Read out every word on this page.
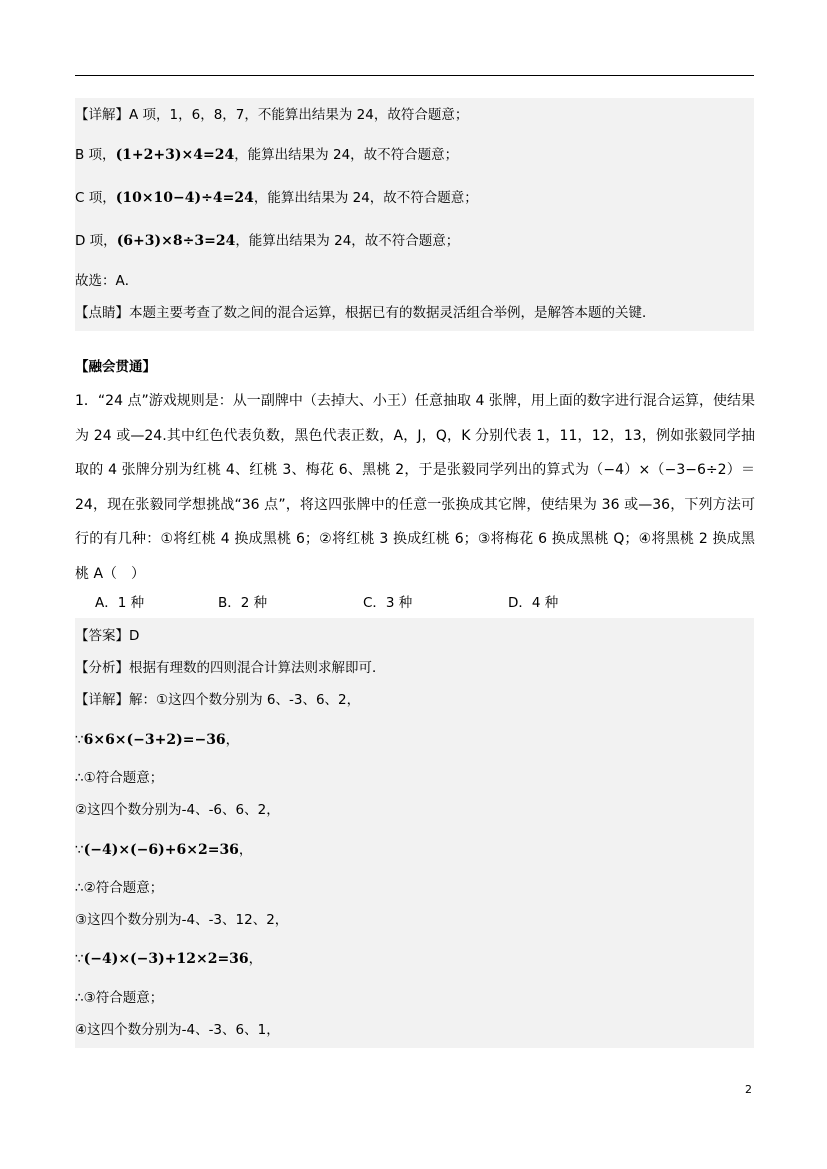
【详解】A 项，1，6，8，7，不能算出结果为 24，故符合题意；
B 项，(1+2+3)×4=24，能算出结果为 24，故不符合题意；
C 项，(10×10−4)÷4=24，能算出结果为 24，故不符合题意；
D 项，(6+3)×8÷3=24，能算出结果为 24，故不符合题意；
故选：A．
【点睛】本题主要考查了数之间的混合运算，根据已有的数据灵活组合举例，是解答本题的关键．
【融会贯通】
1．“24 点”游戏规则是：从一副牌中（去掉大、小王）任意抽取 4 张牌，用上面的数字进行混合运算，使结果为 24 或—24.其中红色代表负数，黑色代表正数，A，J，Q，K 分别代表 1，11，12，13，例如张毅同学抽取的 4 张牌分别为红桃 4、红桃 3、梅花 6、黑桃 2，于是张毅同学列出的算式为（−4）×（−3−6÷2）＝24，现在张毅同学想挑战“36 点”，将这四张牌中的任意一张换成其它牌，使结果为 36 或—36，下列方法可行的有几种：①将红桃 4 换成黑桃 6；②将红桃 3 换成红桃 6；③将梅花 6 换成黑桃 Q；④将黑桃 2 换成黑桃 A（　）
A．1 种	B．2 种	C．3 种	D．4 种
【答案】D
【分析】根据有理数的四则混合计算法则求解即可．
【详解】解：①这四个数分别为 6、-3、6、2，
∵6×6×(−3+2)=−36，
∴①符合题意；
②这四个数分别为-4、-6、6、2，
∵(−4)×(−6)+6×2=36，
∴②符合题意；
③这四个数分别为-4、-3、12、2，
∵(−4)×(−3)+12×2=36，
∴③符合题意；
④这四个数分别为-4、-3、6、1，
2
